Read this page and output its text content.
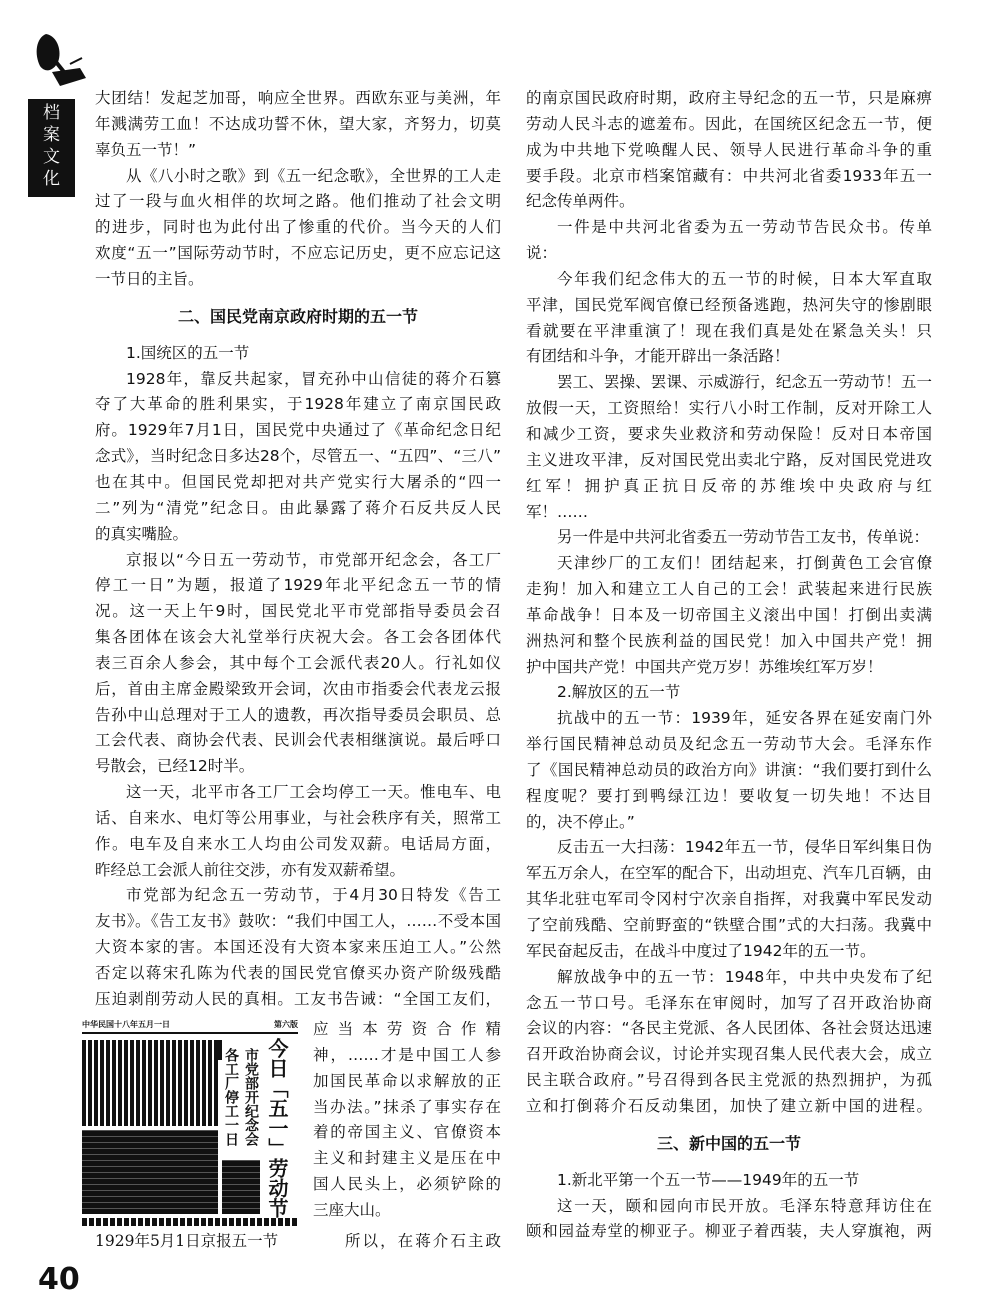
档
案
文
化
大团结！发起芝加哥，响应全世界。西欧东亚与美洲，年
年溅满劳工血！不达成功誓不休，望大家，齐努力，切莫
辜负五一节！”
从《八小时之歌》到《五一纪念歌》，全世界的工人走
过了一段与血火相伴的坎坷之路。他们推动了社会文明
的进步，同时也为此付出了惨重的代价。当今天的人们
欢度“五一”国际劳动节时，不应忘记历史，更不应忘记这
一节日的主旨。
二、国民党南京政府时期的五一节
1.国统区的五一节
1928年，靠反共起家，冒充孙中山信徒的蒋介石篡
夺了大革命的胜利果实，于1928年建立了南京国民政
府。1929年7月1日，国民党中央通过了《革命纪念日纪
念式》，当时纪念日多达28个，尽管五一、“五四”、“三八”
也在其中。但国民党却把对共产党实行大屠杀的“四一
二”列为“清党”纪念日。由此暴露了蒋介石反共反人民
的真实嘴脸。
京报以“今日五一劳动节，市党部开纪念会，各工厂
停工一日”为题，报道了1929年北平纪念五一节的情
况。这一天上午9时，国民党北平市党部指导委员会召
集各团体在该会大礼堂举行庆祝大会。各工会各团体代
表三百余人参会，其中每个工会派代表20人。行礼如仪
后，首由主席金殿梁致开会词，次由市指委会代表龙云报
告孙中山总理对于工人的遗教，再次指导委员会职员、总
工会代表、商协会代表、民训会代表相继演说。最后呼口
号散会，已经12时半。
这一天，北平市各工厂工会均停工一天。惟电车、电
话、自来水、电灯等公用事业，与社会秩序有关，照常工
作。电车及自来水工人均由公司发双薪。电话局方面，
昨经总工会派人前往交涉，亦有发双薪希望。
市党部为纪念五一劳动节，于4月30日特发《告工
友书》。《告工友书》鼓吹：“我们中国工人，……不受本国
大资本家的害。本国还没有大资本家来压迫工人。”公然
否定以蒋宋孔陈为代表的国民党官僚买办资产阶级残酷
压迫剥削劳动人民的真相。工友书告诫：“全国工友们，
应当本劳资合作精
神，……才是中国工人参
加国民革命以求解放的正
当办法。”抹杀了事实存在
着的帝国主义、官僚资本
主义和封建主义是压在中
国人民头上，必须铲除的
三座大山。
的南京国民政府时期，政府主导纪念的五一节，只是麻痹
劳动人民斗志的遮羞布。因此，在国统区纪念五一节，便
成为中共地下党唤醒人民、领导人民进行革命斗争的重
要手段。北京市档案馆藏有：中共河北省委1933年五一
纪念传单两件。
一件是中共河北省委为五一劳动节告民众书。传单
说：
今年我们纪念伟大的五一节的时候，日本大军直取
平津，国民党军阀官僚已经预备逃跑，热河失守的惨剧眼
看就要在平津重演了！现在我们真是处在紧急关头！只
有团结和斗争，才能开辟出一条活路！
罢工、罢操、罢课、示威游行，纪念五一劳动节！五一
放假一天，工资照给！实行八小时工作制，反对开除工人
和减少工资，要求失业救济和劳动保险！反对日本帝国
主义进攻平津，反对国民党出卖北宁路，反对国民党进攻
红军！拥护真正抗日反帝的苏维埃中央政府与红
军！……
另一件是中共河北省委五一劳动节告工友书，传单说：
天津纱厂的工友们！团结起来，打倒黄色工会官僚
走狗！加入和建立工人自己的工会！武装起来进行民族
革命战争！日本及一切帝国主义滚出中国！打倒出卖满
洲热河和整个民族利益的国民党！加入中国共产党！拥
护中国共产党！中国共产党万岁！苏维埃红军万岁！
2.解放区的五一节
抗战中的五一节：1939年，延安各界在延安南门外
举行国民精神总动员及纪念五一劳动节大会。毛泽东作
了《国民精神总动员的政治方向》讲演：“我们要打到什么
程度呢？要打到鸭绿江边！要收复一切失地！不达目
的，决不停止。”
反击五一大扫荡：1942年五一节，侵华日军纠集日伪
军五万余人，在空军的配合下，出动坦克、汽车几百辆，由
其华北驻屯军司令冈村宁次亲自指挥，对我冀中军民发动
了空前残酷、空前野蛮的“铁壁合围”式的大扫荡。我冀中
军民奋起反击，在战斗中度过了1942年的五一节。
解放战争中的五一节：1948年，中共中央发布了纪
念五一节口号。毛泽东在审阅时，加写了召开政治协商
会议的内容：“各民主党派、各人民团体、各社会贤达迅速
召开政治协商会议，讨论并实现召集人民代表大会，成立
民主联合政府。”号召得到各民主党派的热烈拥护，为孤
立和打倒蒋介石反动集团，加快了建立新中国的进程。
三、新中国的五一节
1.新北平第一个五一节——1949年的五一节
这一天，颐和园向市民开放。毛泽东特意拜访住在
颐和园益寿堂的柳亚子。柳亚子着西装，夫人穿旗袍，两
中华民国十八年五月一日	第六版
各工厂停工一日 市党部开纪念会 今日「五一」劳动节
1929年5月1日京报五一节	所以，在蒋介石主政
40
